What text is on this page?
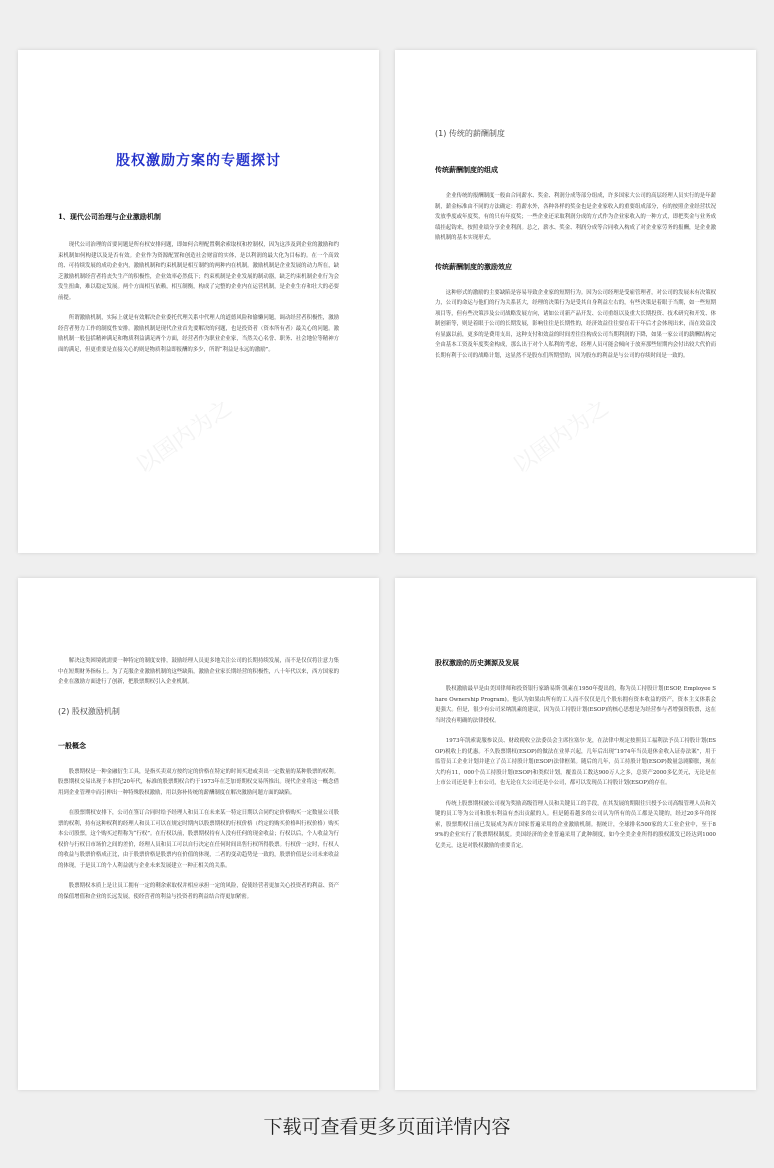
股权激励方案的专题探讨

1、现代公司治理与企业激励机制

现代公司治理的首要问题是所有权安排问题，即如何合理配置剩余索取权和控制权，因为这涉及到企业的激励和约束机制如何构建以及是否有效。企业作为资源配置和创造社会财富的实体，是以利润的最大化为目标的。在一个高效的、可持续发展的成功企业内，激励机制和约束机制是相互制约的两种内在机制。激励机制是企业发展的动力所在，缺乏激励机制经营者将丧失生产的积极性，企业效率必然低下；约束机制是企业发展的制动器，缺乏约束机制企业行为会发生扭曲，难以稳定发展。两个方面相互依赖，相互制衡，构成了完整的企业内在运营机制，是企业生存和壮大的必要前提。

所谓激励机制，实际上就是有效解决企业委托代理关系中代理人的道德风险和偷懒问题，调动经营者积极性，激励经营者努力工作的制度性安排。激励机制是现代企业首先要解决的问题，也是投资者（资本所有者）最关心的问题。激励机制一般包括精神满足和物质利益满足两个方面，经营者作为职业企业家，当然关心名誉、职务、社会地位等精神方面的满足，但更重要是直接关心的则是物质利益即报酬的多少，所谓“利益是永远的激励”。

以国内为之

(1) 传统的薪酬制度

传统薪酬制度的组成

企业传统的报酬制度一般由合同薪水、奖金、利润分成等部分组成，许多国家大公司的高层经理人员实行的是年薪制，薪金标准由不同的方法确定：将薪水外，各种各样的奖金也是企业家收入的重要组成部分，有的按照企业经营状况发放季度或年度奖，有的只有年度奖；一些企业还采取利润分成的方式作为企业家收入的一种方式，即把奖金与业务成绩挂起钩来，按照业绩分享企业利润。总之，薪水、奖金、利润分成等合同收入构成了对企业家劳务的报酬，是企业激励机制的基本实现形式。

传统薪酬制度的激励效应

这种形式的激励的主要缺陷是容易导致企业家的短期行为。因为公司经理是受雇管理者，对公司的发展未有决策权力，公司的命运与他们的行为关系甚大，经理的决策行为是受其自身利益左右的，有些决策是着眼于当期，如一些短期项目等，但有些决策涉及公司战略发展方向，诸如公司新产品开发、公司重组以及重大长期投资、技术研究和开发、体制创新等，则是着眼于公司的长期发展，影响往往是长期性的，经济效益往往要在若干年后才会体现出来，而在效益没有显露以前，更多的是费用支出，这种支付和效益的时间差往往构成公司当期利润的下降，如果一家公司的薪酬结构完全由基本工资及年度奖金构成，那么出于对个人私利的考虑，经理人员可能会倾向于放弃那些短期内会付出较大代价而长期有利于公司的战略计划，这显然不是股东们所期望的，因为股东的利益是与公司的存续时间是一致的。

以国内为之

解决这类困境就需要一种特定的制度安排，鼓励经理人员更多地关注公司的长期持续发展，而不是仅仅将注意力集中在短期财务指标上。为了克服企业激励机制的这些缺陷，激励企业家长期经营的积极性，八十年代以来，西方国家的企业在激励方面进行了创新，把股票期权引入企业机制。

(2) 股权激励机制

一般概念

股票期权是一种金融衍生工具，是指买卖双方按约定的价格在特定的时间买进或卖出一定数量的某种股票的权利。股票期权交易出现于本世纪20年代，标准的股票期权合约于1973年在芝加哥期权交易所推出。现代企业将这一概念借用到企业管理中而引伸出一种特殊股权激励，用以弥补传统的薪酬制度在解决激励问题方面的缺陷。

在股票期权安排下，公司在签订合同时给予经理人和员工在未来某一特定日期以合同约定价格购买一定数量公司股票的权利，持有这种权利的经理人和员工可以在规定时期内以股票期权的行权价格（约定的购买价格叫行权价格）购买本公司股票，这个购买过程称为“行权”。在行权以前，股票期权持有人没有任何的现金收益；行权以后，个人收益为行权价与行权日市场价之间的差价，经理人员和员工可以自行决定在任何时间出售行权所得股票。行权价一定时，行权人的收益与股票价格成正比，由于股票价格是股票内在价值的体现，二者的变动趋势是一致的，股票价值是公司未来收益的体现，于是员工的个人利益就与企业未来发展建立一种正相关的关系。

股票期权本质上是让员工拥有一定的剩余索取权并相应承担一定的风险，促使经营者更加关心投资者的利益、资产的保值增值和企业的长远发展，使经营者的利益与投资者的利益结合得更加紧密。

股权激励的历史渊源及发展

股权激励最早是由美国律师和投资银行家路易斯·凯素在1950年提出的，称为员工持股计划(ESOP, Employee Share Ownership Program)。他认为如果由所有的工人而不仅仅是几个股东拥有资本收益的资产，资本主义体系会更强大。但是，很少有公司采纳凯素的建议，因为员工持股计划(ESOP)的核心思想是为经营参与者增强资股票，这在当时没有明确的法律授权。

1973年凯索说服参议员、财政税收立法委员会主席拉塞尔·龙，在法律中规定按照员工福利法予员工持股计划(ESOP)税收上的优惠。不久股票期权(ESOP)的做法在业界兴起，几年后出现“1974年当员退休金收入证券法案”，用于监管员工企业计划并建立了员工持股计划(ESOP)法律框架。随后的几年，员工持股计划(ESOP)数量急剧膨胀，现在大约有11，000个员工持股计划(ESOP)和类似计划，覆盖员工数达900万人之多，总资产2000多亿美元，无论是在上市公司还是非上市公司，也无论在大公司还是小公司，都可以发现员工持股计划(ESOP)的存在。

传统上股票期权被公司视为奖励高级管理人员和关键员工的手段，在其发展的期限往只授予公司高级管理人员和关键的员工等为公司和股东利益有杰出贡献的人。但是随着越多的公司认为所有的员工都是关键的，经过20多年的探索，股票期权日前已发展成为西方国家普遍采用的企业激励机制。据统计，全球排名500家的大工业企业中，至于89%的企业实行了股票期权制度。美国经济的企业普遍采用了此种制度，如今全美企业所得的股权派发已经达到1000亿美元，这是对股权激励的重要肯定。

下载可查看更多页面详情内容
